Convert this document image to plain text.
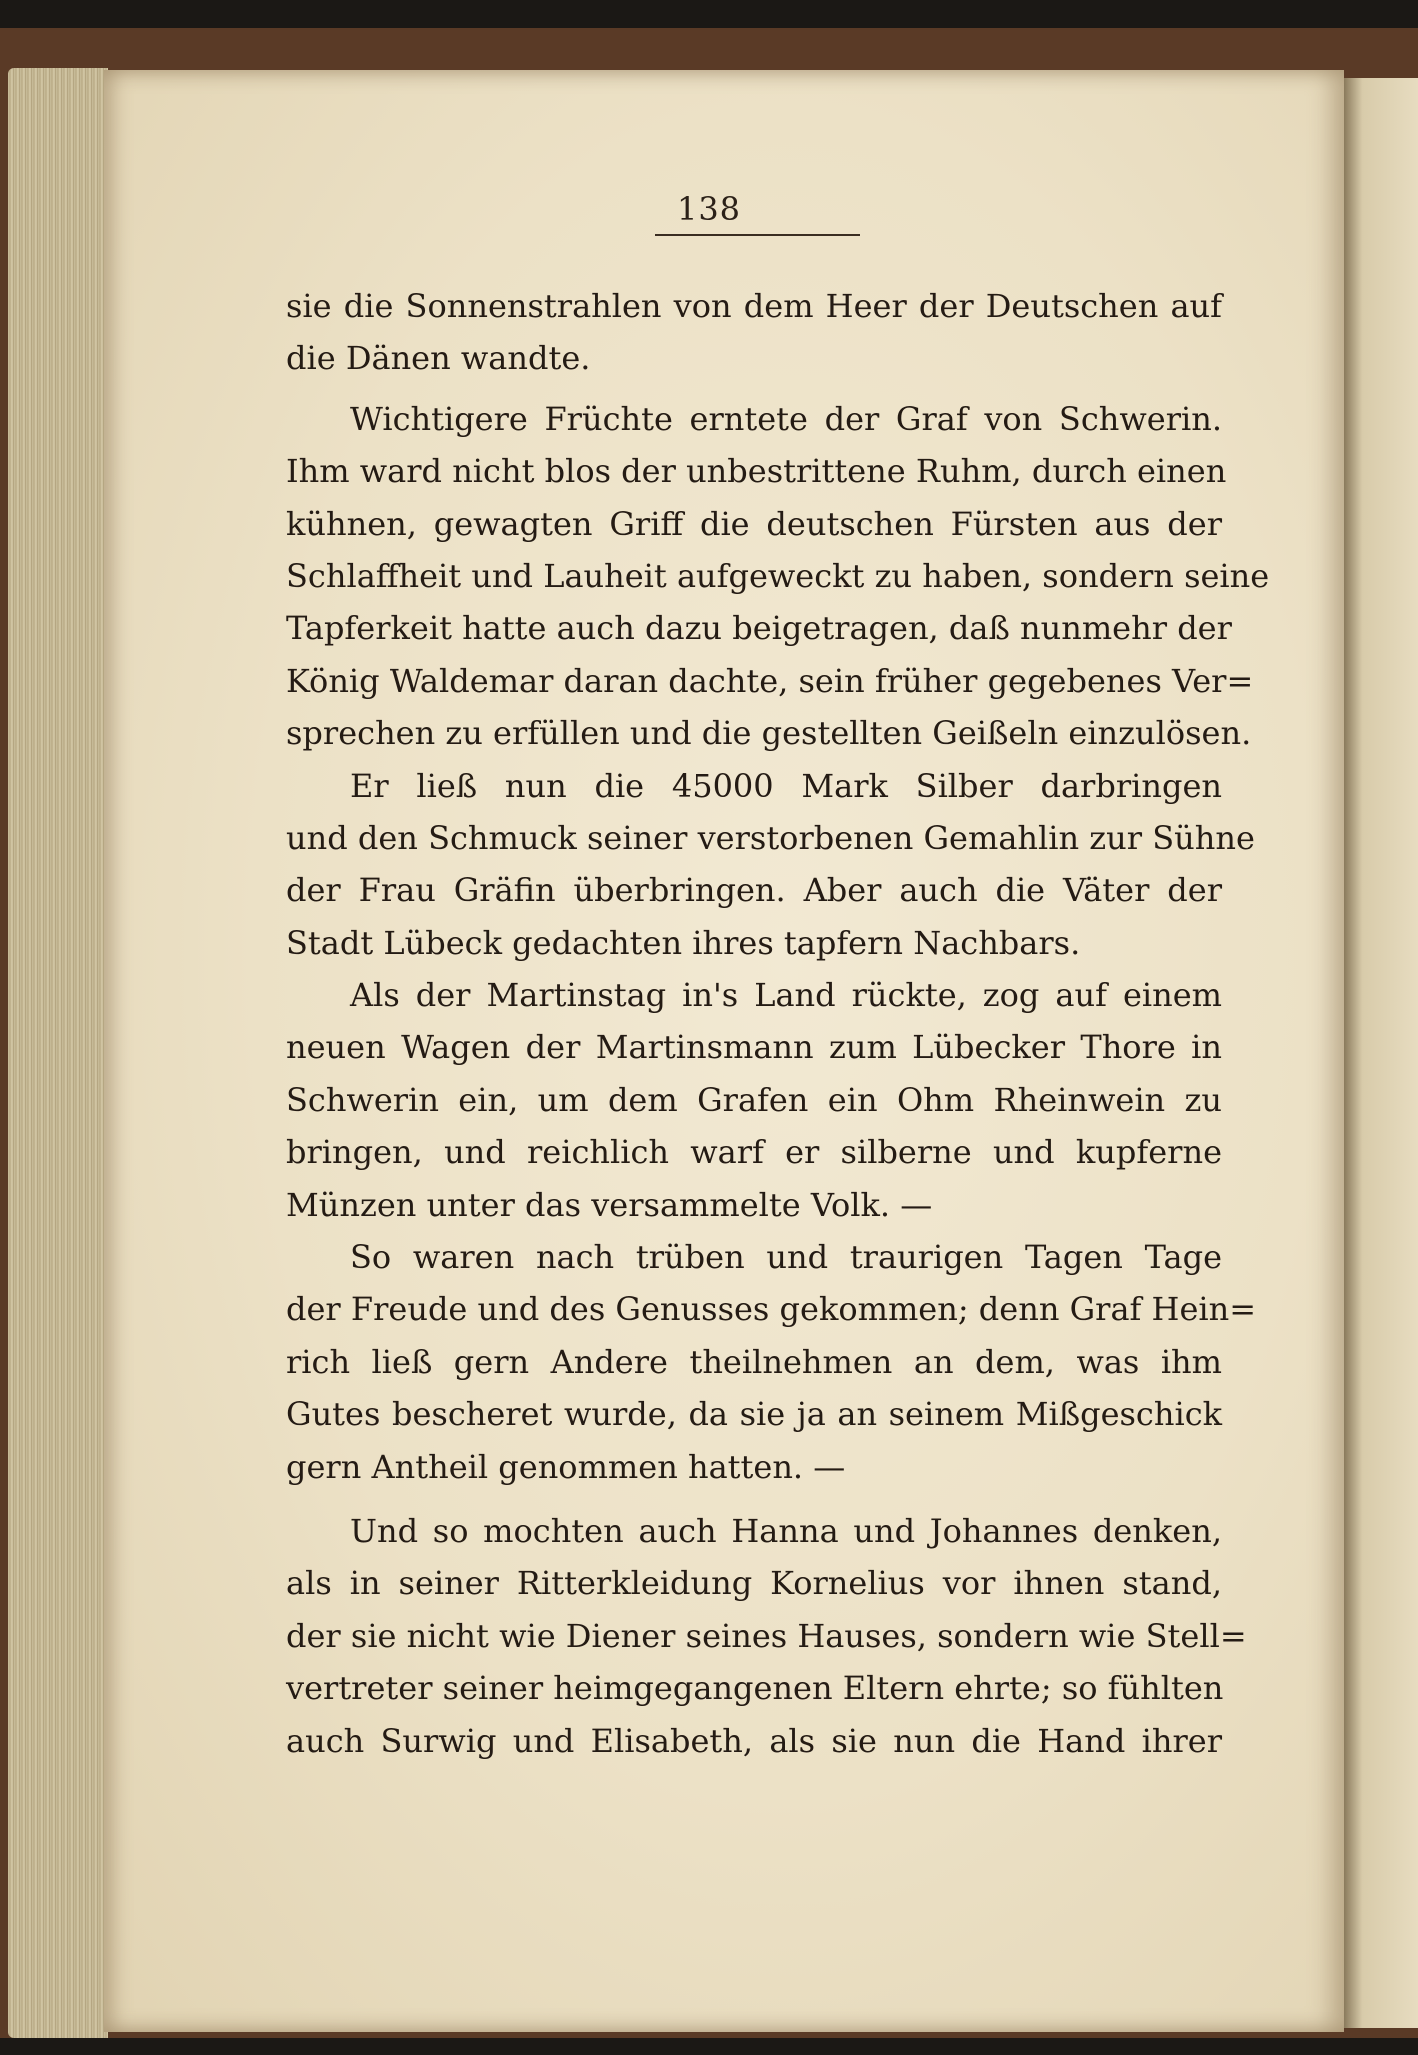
138
sie die Sonnenstrahlen von dem Heer der Deutschen auf
die Dänen wandte.
Wichtigere Früchte erntete der Graf von Schwerin.
Ihm ward nicht blos der unbestrittene Ruhm, durch einen
kühnen, gewagten Griff die deutschen Fürsten aus der
Schlaffheit und Lauheit aufgeweckt zu haben, sondern seine
Tapferkeit hatte auch dazu beigetragen, daß nunmehr der
König Waldemar daran dachte, sein früher gegebenes Ver=
sprechen zu erfüllen und die gestellten Geißeln einzulösen.
Er ließ nun die 45000 Mark Silber darbringen
und den Schmuck seiner verstorbenen Gemahlin zur Sühne
der Frau Gräfin überbringen. Aber auch die Väter der
Stadt Lübeck gedachten ihres tapfern Nachbars.
Als der Martinstag in's Land rückte, zog auf einem
neuen Wagen der Martinsmann zum Lübecker Thore in
Schwerin ein, um dem Grafen ein Ohm Rheinwein zu
bringen, und reichlich warf er silberne und kupferne
Münzen unter das versammelte Volk. —
So waren nach trüben und traurigen Tagen Tage
der Freude und des Genusses gekommen; denn Graf Hein=
rich ließ gern Andere theilnehmen an dem, was ihm
Gutes bescheret wurde, da sie ja an seinem Mißgeschick
gern Antheil genommen hatten. —
Und so mochten auch Hanna und Johannes denken,
als in seiner Ritterkleidung Kornelius vor ihnen stand,
der sie nicht wie Diener seines Hauses, sondern wie Stell=
vertreter seiner heimgegangenen Eltern ehrte; so fühlten
auch Surwig und Elisabeth, als sie nun die Hand ihrer
